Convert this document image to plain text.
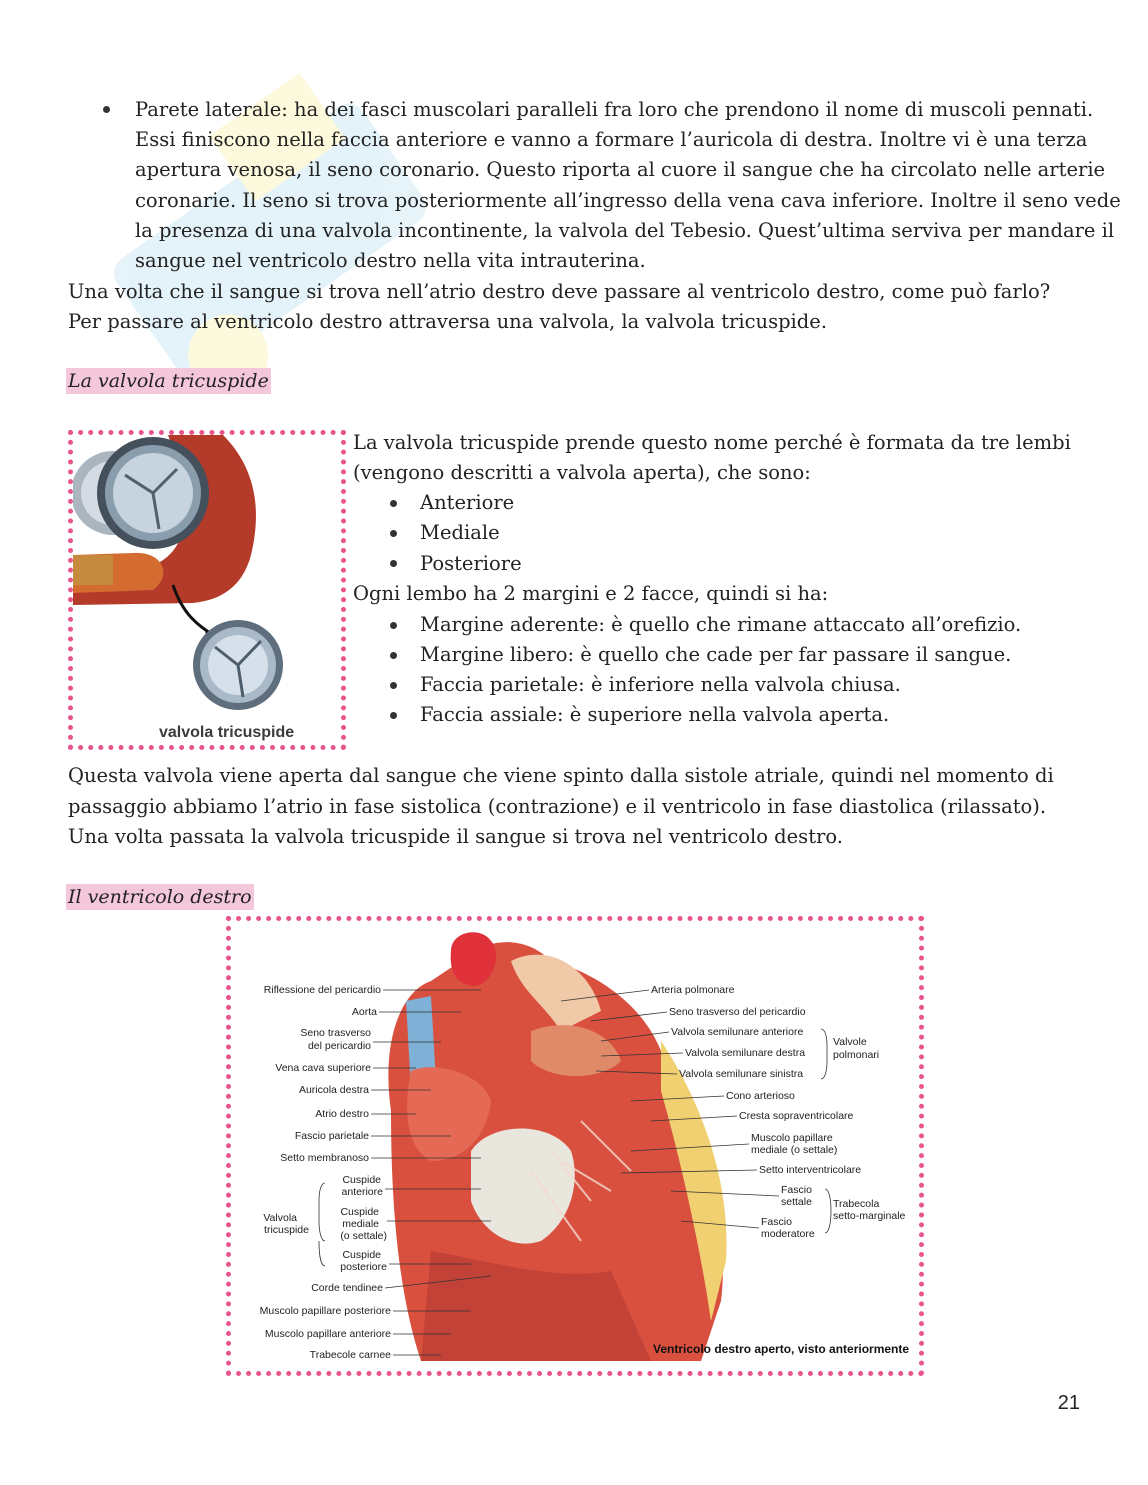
Parete laterale: ha dei fasci muscolari paralleli fra loro che prendono il nome di muscoli pennati.
Essi finiscono nella faccia anteriore e vanno a formare l’auricola di destra. Inoltre vi è una terza
apertura venosa, il seno coronario. Questo riporta al cuore il sangue che ha circolato nelle arterie
coronarie. Il seno si trova posteriormente all’ingresso della vena cava inferiore. Inoltre il seno vede
la presenza di una valvola incontinente, la valvola del Tebesio. Quest’ultima serviva per mandare il
sangue nel ventricolo destro nella vita intrauterina.
Una volta che il sangue si trova nell’atrio destro deve passare al ventricolo destro, come può farlo?
Per passare al ventricolo destro attraversa una valvola, la valvola tricuspide.
La valvola tricuspide
valvola tricuspide
La valvola tricuspide prende questo nome perché è formata da tre lembi
(vengono descritti a valvola aperta), che sono:
Anteriore
Mediale
Posteriore
Ogni lembo ha 2 margini e 2 facce, quindi si ha:
Margine aderente: è quello che rimane attaccato all’orefizio.
Margine libero: è quello che cade per far passare il sangue.
Faccia parietale: è inferiore nella valvola chiusa.
Faccia assiale: è superiore nella valvola aperta.
Questa valvola viene aperta dal sangue che viene spinto dalla sistole atriale, quindi nel momento di
passaggio abbiamo l’atrio in fase sistolica (contrazione) e il ventricolo in fase diastolica (rilassato).
Una volta passata la valvola tricuspide il sangue si trova nel ventricolo destro.
Il ventricolo destro
Riflessione del pericardio
Aorta
Seno trasverso
del pericardio
Vena cava superiore
Auricola destra
Atrio destro
Fascio parietale
Setto membranoso
Cuspide
anteriore
Valvola
tricuspide
Cuspide
mediale
(o settale)
Cuspide
posteriore
Corde tendinee
Muscolo papillare posteriore
Muscolo papillare anteriore
Trabecole carnee
Arteria polmonare
Seno trasverso del pericardio
Valvola semilunare anteriore
Valvola semilunare destra
Valvola semilunare sinistra
Valvole
polmonari
Cono arterioso
Cresta sopraventricolare
Muscolo papillare
mediale (o settale)
Setto interventricolare
Fascio
settale Trabecola
setto-marginale
Fascio
moderatore
Ventricolo destro aperto, visto anteriormente
21
